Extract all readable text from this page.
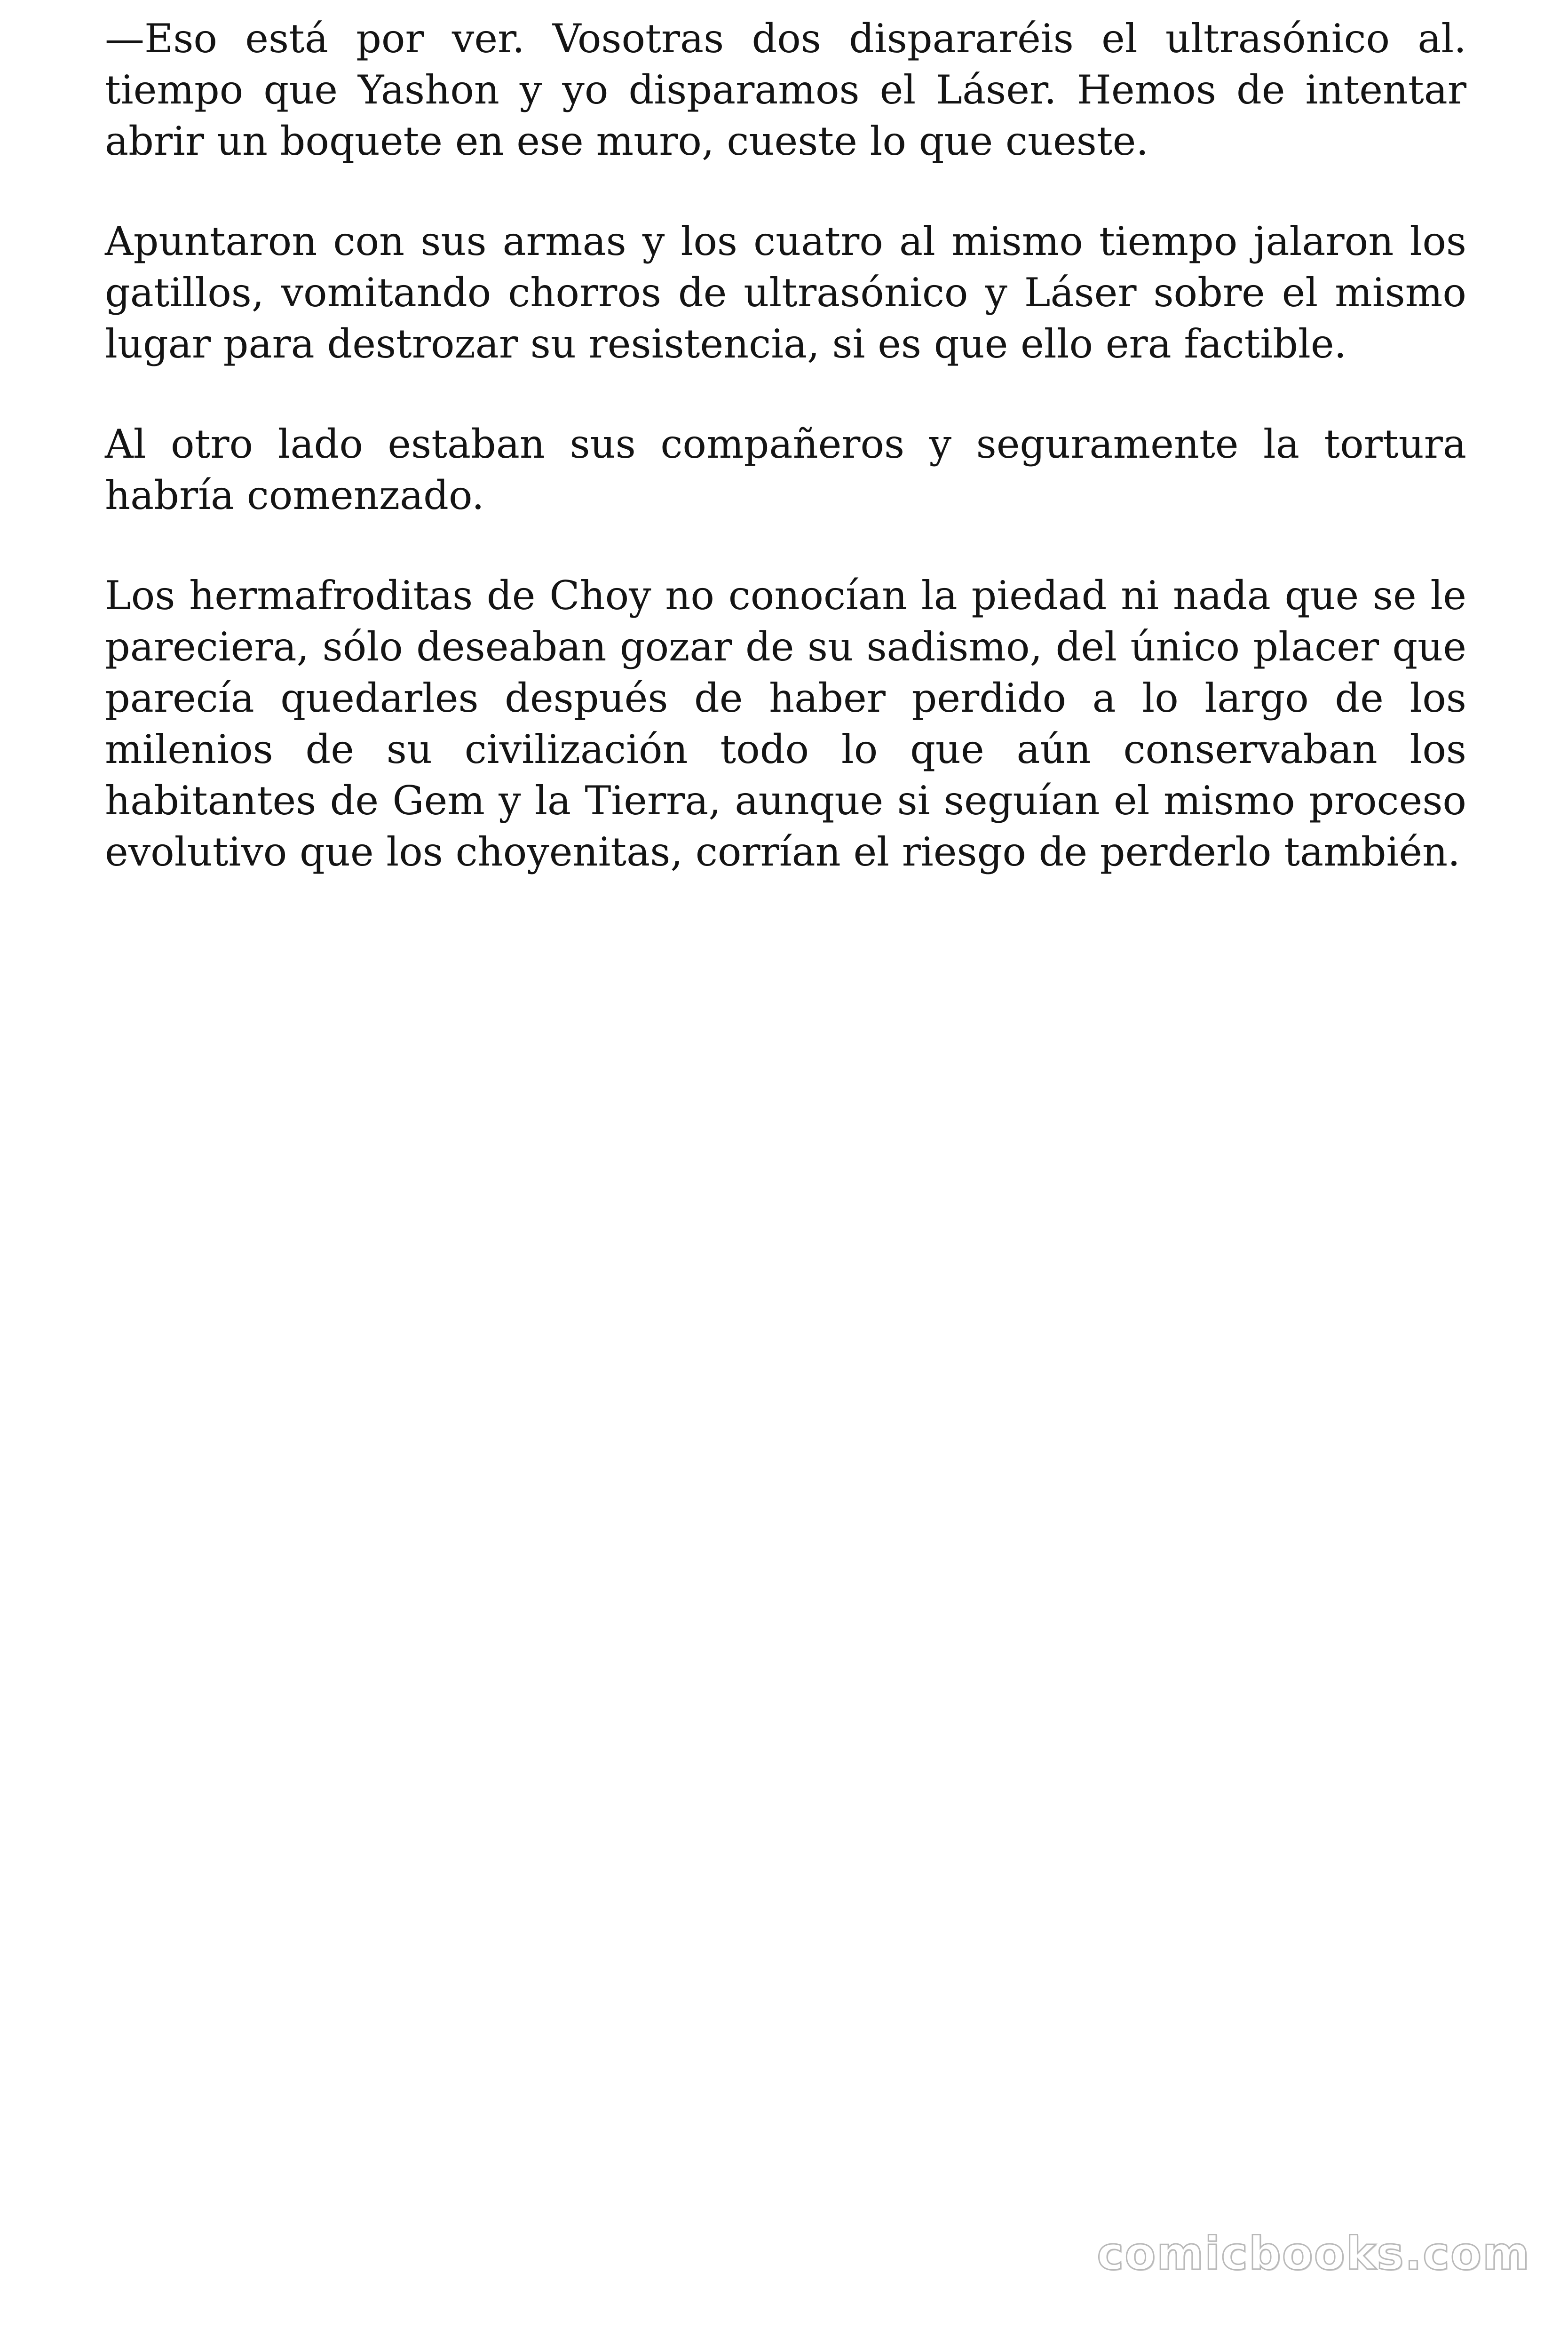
—Eso está por ver. Vosotras dos dispararéis el ultrasónico al. tiempo que Yashon y yo disparamos el Láser. Hemos de intentar abrir un boquete en ese muro, cueste lo que cueste.

Apuntaron con sus armas y los cuatro al mismo tiempo jalaron los gatillos, vomitando chorros de ultrasónico y Láser sobre el mismo lugar para destrozar su resistencia, si es que ello era factible.

Al otro lado estaban sus compañeros y seguramente la tortura habría comenzado.

Los hermafroditas de Choy no conocían la piedad ni nada que se le pareciera, sólo deseaban gozar de su sadismo, del único placer que parecía quedarles después de haber perdido a lo largo de los milenios de su civilización todo lo que aún conservaban los habitantes de Gem y la Tierra, aunque si seguían el mismo proceso evolutivo que los choyenitas, corrían el riesgo de perderlo también.

comicbooks.com
